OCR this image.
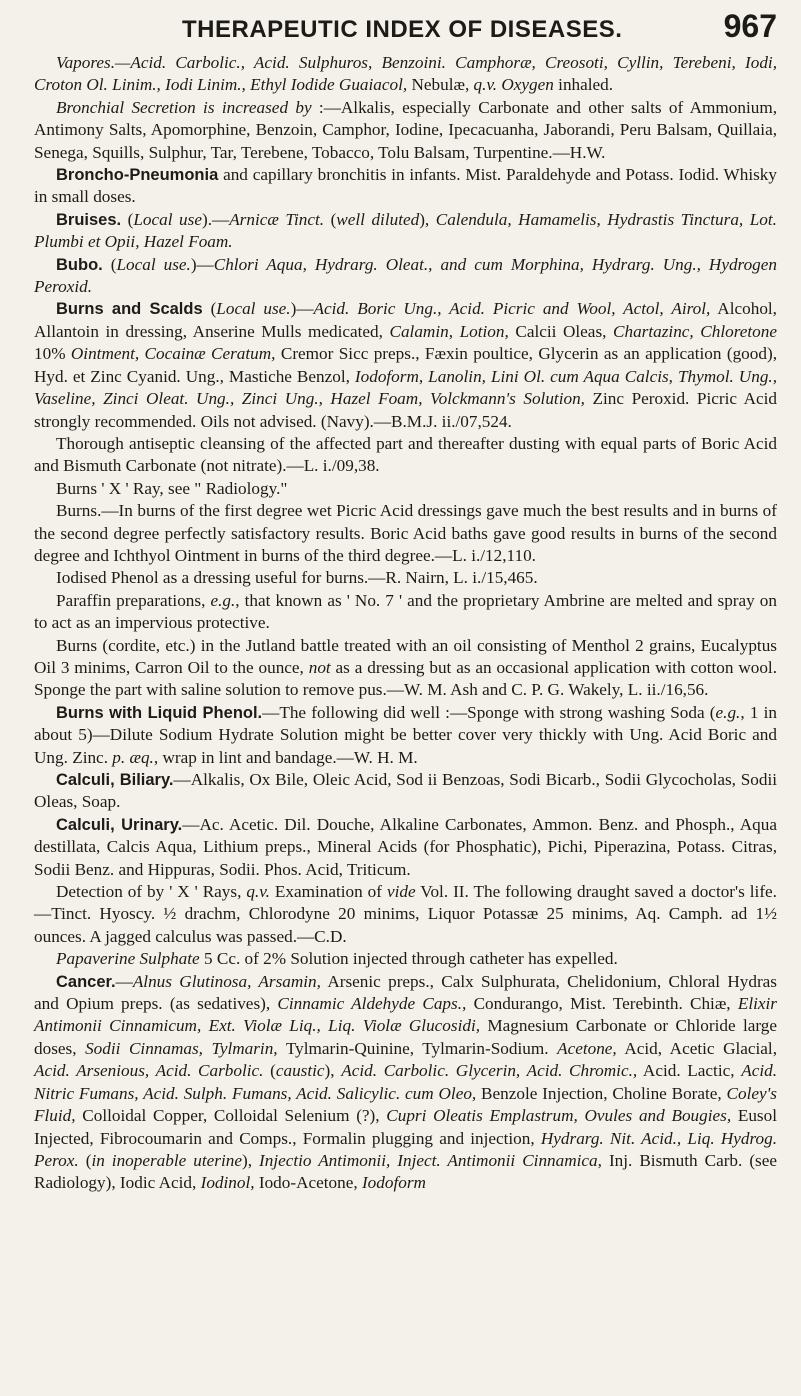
THERAPEUTIC INDEX OF DISEASES.	967

Vapores.—Acid. Carbolic., Acid. Sulphuros, Benzoini. Camphoræ, Creosoti, Cyllin, Terebeni, Iodi, Croton Ol. Linim., Iodi Linim., Ethyl Iodide Guaiacol, Nebulæ, q.v. Oxygen inhaled.

Bronchial Secretion is increased by :—Alkalis, especially Carbonate and other salts of Ammonium, Antimony Salts, Apomorphine, Benzoin, Camphor, Iodine, Ipecacuanha, Jaborandi, Peru Balsam, Quillaia, Senega, Squills, Sulphur, Tar, Terebene, Tobacco, Tolu Balsam, Turpentine.—H.W.

Broncho-Pneumonia and capillary bronchitis in infants. Mist. Paraldehyde and Potass. Iodid. Whisky in small doses.

Bruises. (Local use).—Arnicæ Tinct. (well diluted), Calendula, Hamamelis, Hydrastis Tinctura, Lot. Plumbi et Opii, Hazel Foam.

Bubo. (Local use.)—Chlori Aqua, Hydrarg. Oleat., and cum Morphina, Hydrarg. Ung., Hydrogen Peroxid.

Burns and Scalds (Local use.)—Acid. Boric Ung., Acid. Picric and Wool, Actol, Airol, Alcohol, Allantoin in dressing, Anserine Mulls medicated, Calamin, Lotion, Calcii Oleas, Chartazinc, Chloretone 10% Ointment, Cocainæ Ceratum, Cremor Sicc preps., Fæxin poultice, Glycerin as an application (good), Hyd. et Zinc Cyanid. Ung., Mastiche Benzol, Iodoform, Lanolin, Lini Ol. cum Aqua Calcis, Thymol. Ung., Vaseline, Zinci Oleat. Ung., Zinci Ung., Hazel Foam, Volckmann's Solution, Zinc Peroxid. Picric Acid strongly recommended. Oils not advised. (Navy).—B.M.J. ii./07,524.

Thorough antiseptic cleansing of the affected part and thereafter dusting with equal parts of Boric Acid and Bismuth Carbonate (not nitrate).—L. i./09,38.

Burns ' X ' Ray, see " Radiology."

Burns.—In burns of the first degree wet Picric Acid dressings gave much the best results and in burns of the second degree perfectly satisfactory results. Boric Acid baths gave good results in burns of the second degree and Ichthyol Ointment in burns of the third degree.—L. i./12,110.

Iodised Phenol as a dressing useful for burns.—R. Nairn, L. i./15,465.

Paraffin preparations, e.g., that known as ' No. 7 ' and the proprietary Ambrine are melted and spray on to act as an impervious protective.

Burns (cordite, etc.) in the Jutland battle treated with an oil consisting of Menthol 2 grains, Eucalyptus Oil 3 minims, Carron Oil to the ounce, not as a dressing but as an occasional application with cotton wool. Sponge the part with saline solution to remove pus.—W. M. Ash and C. P. G. Wakely, L. ii./16,56.

Burns with Liquid Phenol.—The following did well :—Sponge with strong washing Soda (e.g., 1 in about 5)—Dilute Sodium Hydrate Solution might be better cover very thickly with Ung. Acid Boric and Ung. Zinc. p. æq., wrap in lint and bandage.—W. H. M.

Calculi, Biliary.—Alkalis, Ox Bile, Oleic Acid, Sod ii Benzoas, Sodi Bicarb., Sodii Glycocholas, Sodii Oleas, Soap.

Calculi, Urinary.—Ac. Acetic. Dil. Douche, Alkaline Carbonates, Ammon. Benz. and Phosph., Aqua destillata, Calcis Aqua, Lithium preps., Mineral Acids (for Phosphatic), Pichi, Piperazina, Potass. Citras, Sodii Benz. and Hippuras, Sodii. Phos. Acid, Triticum.

Detection of by ' X ' Rays, q.v. Examination of vide Vol. II. The following draught saved a doctor's life.—Tinct. Hyoscy. ½ drachm, Chlorodyne 20 minims, Liquor Potassæ 25 minims, Aq. Camph. ad 1½ ounces. A jagged calculus was passed.—C.D.

Papaverine Sulphate 5 Cc. of 2% Solution injected through catheter has expelled.

Cancer.—Alnus Glutinosa, Arsamin, Arsenic preps., Calx Sulphurata, Chelidonium, Chloral Hydras and Opium preps. (as sedatives), Cinnamic Aldehyde Caps., Condurango, Mist. Terebinth. Chiæ, Elixir Antimonii Cinnamicum, Ext. Violæ Liq., Liq. Violæ Glucosidi, Magnesium Carbonate or Chloride large doses, Sodii Cinnamas, Tylmarin, Tylmarin-Quinine, Tylmarin-Sodium. Acetone, Acid, Acetic Glacial, Acid. Arsenious, Acid. Carbolic. (caustic), Acid. Carbolic. Glycerin, Acid. Chromic., Acid. Lactic, Acid. Nitric Fumans, Acid. Sulph. Fumans, Acid. Salicylic. cum Oleo, Benzole Injection, Choline Borate, Coley's Fluid, Colloidal Copper, Colloidal Selenium (?), Cupri Oleatis Emplastrum, Ovules and Bougies, Eusol Injected, Fibrocoumarin and Comps., Formalin plugging and injection, Hydrarg. Nit. Acid., Liq. Hydrog. Perox. (in inoperable uterine), Injectio Antimonii, Inject. Antimonii Cinnamica, Inj. Bismuth Carb. (see Radiology), Iodic Acid, Iodinol, Iodo-Acetone, Iodoform
